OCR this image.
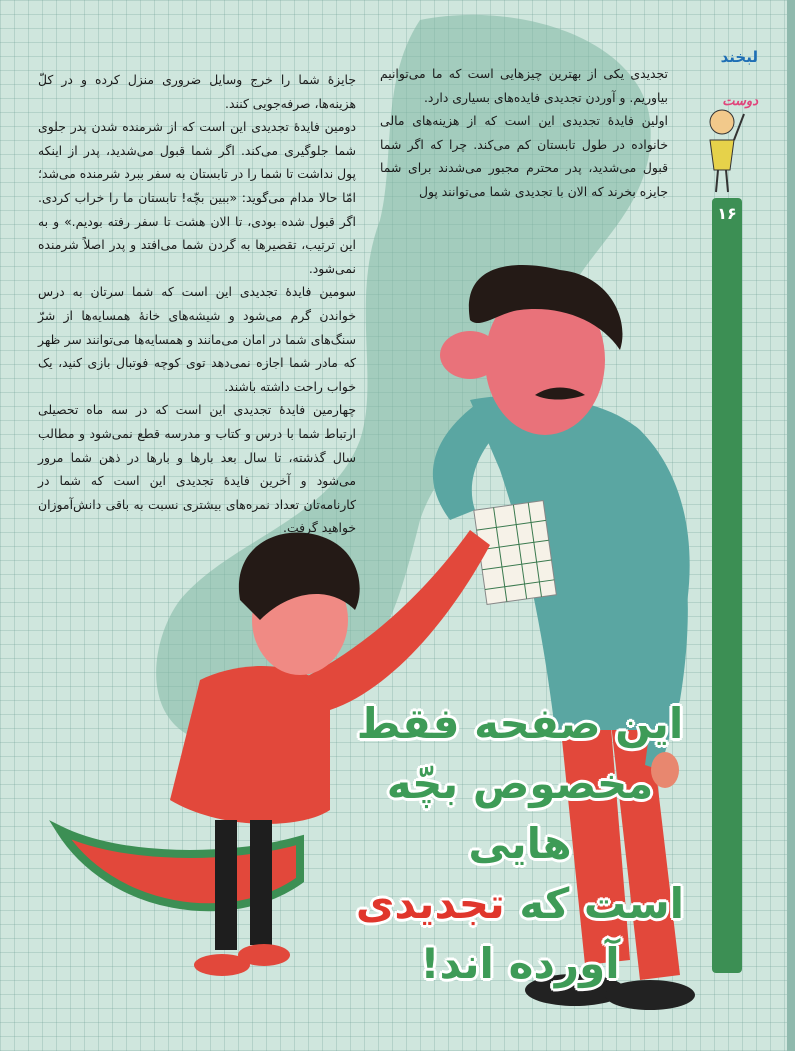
لبخند
دوست
۱۶

تجدیدی یکی از بهترین چیزهایی است که ما می‌توانیم بیاوریم. و آوردن تجدیدی فایده‌های بسیاری دارد.

اولین فایدهٔ تجدیدی این است که از هزینه‌های مالی خانواده در طول تابستان کم می‌کند. چرا که اگر شما قبول می‌شدید، پدر محترم مجبور می‌شدند برای شما جایزه بخرند که الان با تجدیدی شما می‌توانند پول

جایزهٔ شما را خرج وسایل ضروری منزل کرده و در کلّ هزینه‌ها، صرفه‌جویی کنند.

دومین فایدهٔ تجدیدی این است که از شرمنده شدن پدر جلوی شما جلوگیری می‌کند. اگر شما قبول می‌شدید، پدر از اینکه پول نداشت تا شما را در تابستان به سفر ببرد شرمنده می‌شد؛ امّا حالا مدام می‌گوید: «ببین بچّه! تابستان ما را خراب کردی. اگر قبول شده بودی، تا الان هشت تا سفر رفته بودیم.» و به این ترتیب، تقصیرها به گردن شما می‌افتد و پدر اصلاً شرمنده نمی‌شود.

سومین فایدهٔ تجدیدی این است که شما سرتان به درس خواندن گرم می‌شود و شیشه‌های خانهٔ همسایه‌ها از شرّ سنگ‌های شما در امان می‌مانند و همسایه‌ها می‌توانند سر ظهر که مادر شما اجازه نمی‌دهد توی کوچه فوتبال بازی کنید، یک خواب راحت داشته باشند.

چهارمین فایدهٔ تجدیدی این است که در سه ماه تحصیلی ارتباط شما با درس و کتاب و مدرسه قطع نمی‌شود و مطالب سال گذشته، تا سال بعد بارها و بارها در ذهن شما مرور می‌شود و آخرین فایدهٔ تجدیدی این است که شما در کارنامه‌تان تعداد نمره‌های بیشتری نسبت به باقی دانش‌آموزان خواهید گرفت.

این صفحه فقط
مخصوص بچّه هایی
است که تجدیدی
آورده اند!
